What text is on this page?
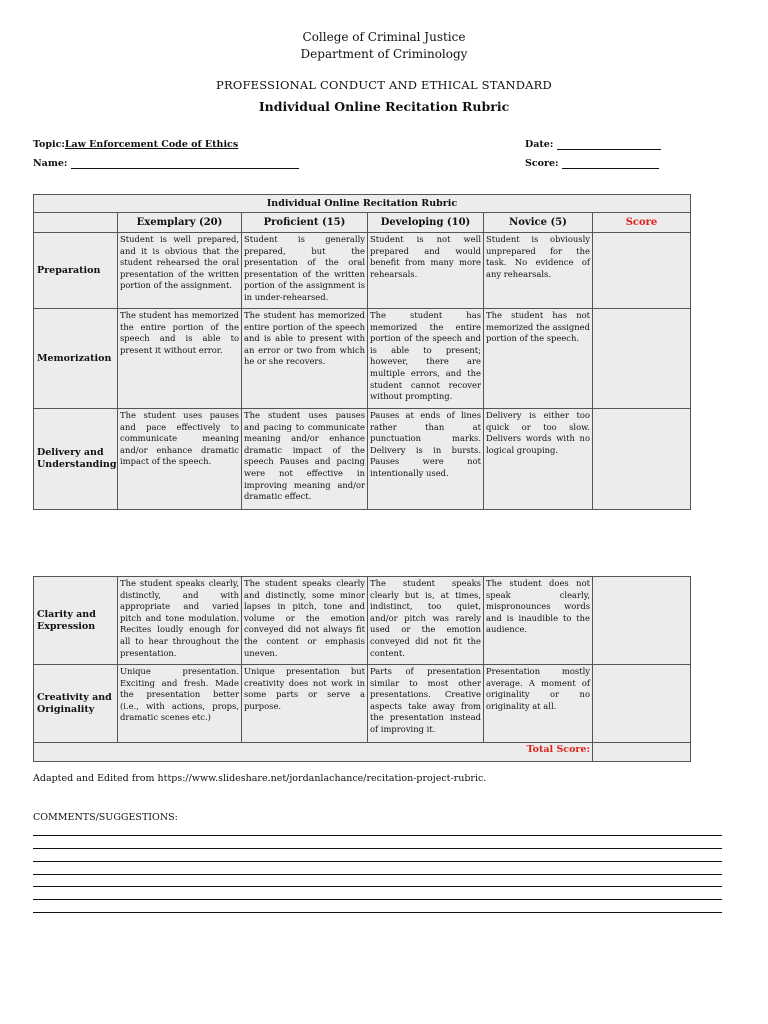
College of Criminal Justice
Department of Criminology
PROFESSIONAL CONDUCT AND ETHICAL STANDARD
Individual Online Recitation Rubric
Topic:Law Enforcement Code of Ethics
Name:
Date:
Score:
Individual Online Recitation Rubric					
	Exemplary (20)	Proficient (15)	Developing (10)	Novice (5)	Score
Preparation	Student is well prepared, and it is obvious that the student rehearsed the oral presentation of the written portion of the assignment.	Student is generally prepared, but the presentation of the oral presentation of the written portion of the assignment is in under-rehearsed.	Student is not well prepared and would benefit from many more rehearsals.	Student is obviously unprepared for the task. No evidence of any rehearsals.	
Memorization	The student has memorized the entire portion of the speech and is able to present it without error.	The student has memorized entire portion of the speech and is able to present with an error or two from which he or she recovers.	The student has memorized the entire portion of the speech and is able to present; however, there are multiple errors, and the student cannot recover without prompting.	The student has not memorized the assigned portion of the speech.	
Delivery and Understanding	The student uses pauses and pace effectively to communicate meaning and/or enhance dramatic impact of the speech.	The student uses pauses and pacing to communicate meaning and/or enhance dramatic impact of the speech Pauses and pacing were not effective in improving meaning and/or dramatic effect.	Pauses at ends of lines rather than at punctuation marks. Delivery is in bursts. Pauses were not intentionally used.	Delivery is either too quick or too slow. Delivers words with no logical grouping.	
Clarity and Expression	The student speaks clearly, distinctly, and with appropriate and varied pitch and tone modulation. Recites loudly enough for all to hear throughout the presentation.	The student speaks clearly and distinctly, some minor lapses in pitch, tone and volume or the emotion conveyed did not always fit the content or emphasis uneven.	The student speaks clearly but is, at times, indistinct, too quiet, and/or pitch was rarely used or the emotion conveyed did not fit the content.	The student does not speak clearly, mispronounces words and is inaudible to the audience.	
Creativity and Originality	Unique presentation. Exciting and fresh. Made the presentation better (i.e., with actions, props, dramatic scenes etc.)	Unique presentation but creativity does not work in some parts or serve a purpose.	Parts of presentation similar to most other presentations. Creative aspects take away from the presentation instead of improving it.	Presentation mostly average. A moment of originality or no originality at all.	
Total Score:					
Adapted and Edited from https://www.slideshare.net/jordanlachance/recitation-project-rubric.
COMMENTS/SUGGESTIONS:
